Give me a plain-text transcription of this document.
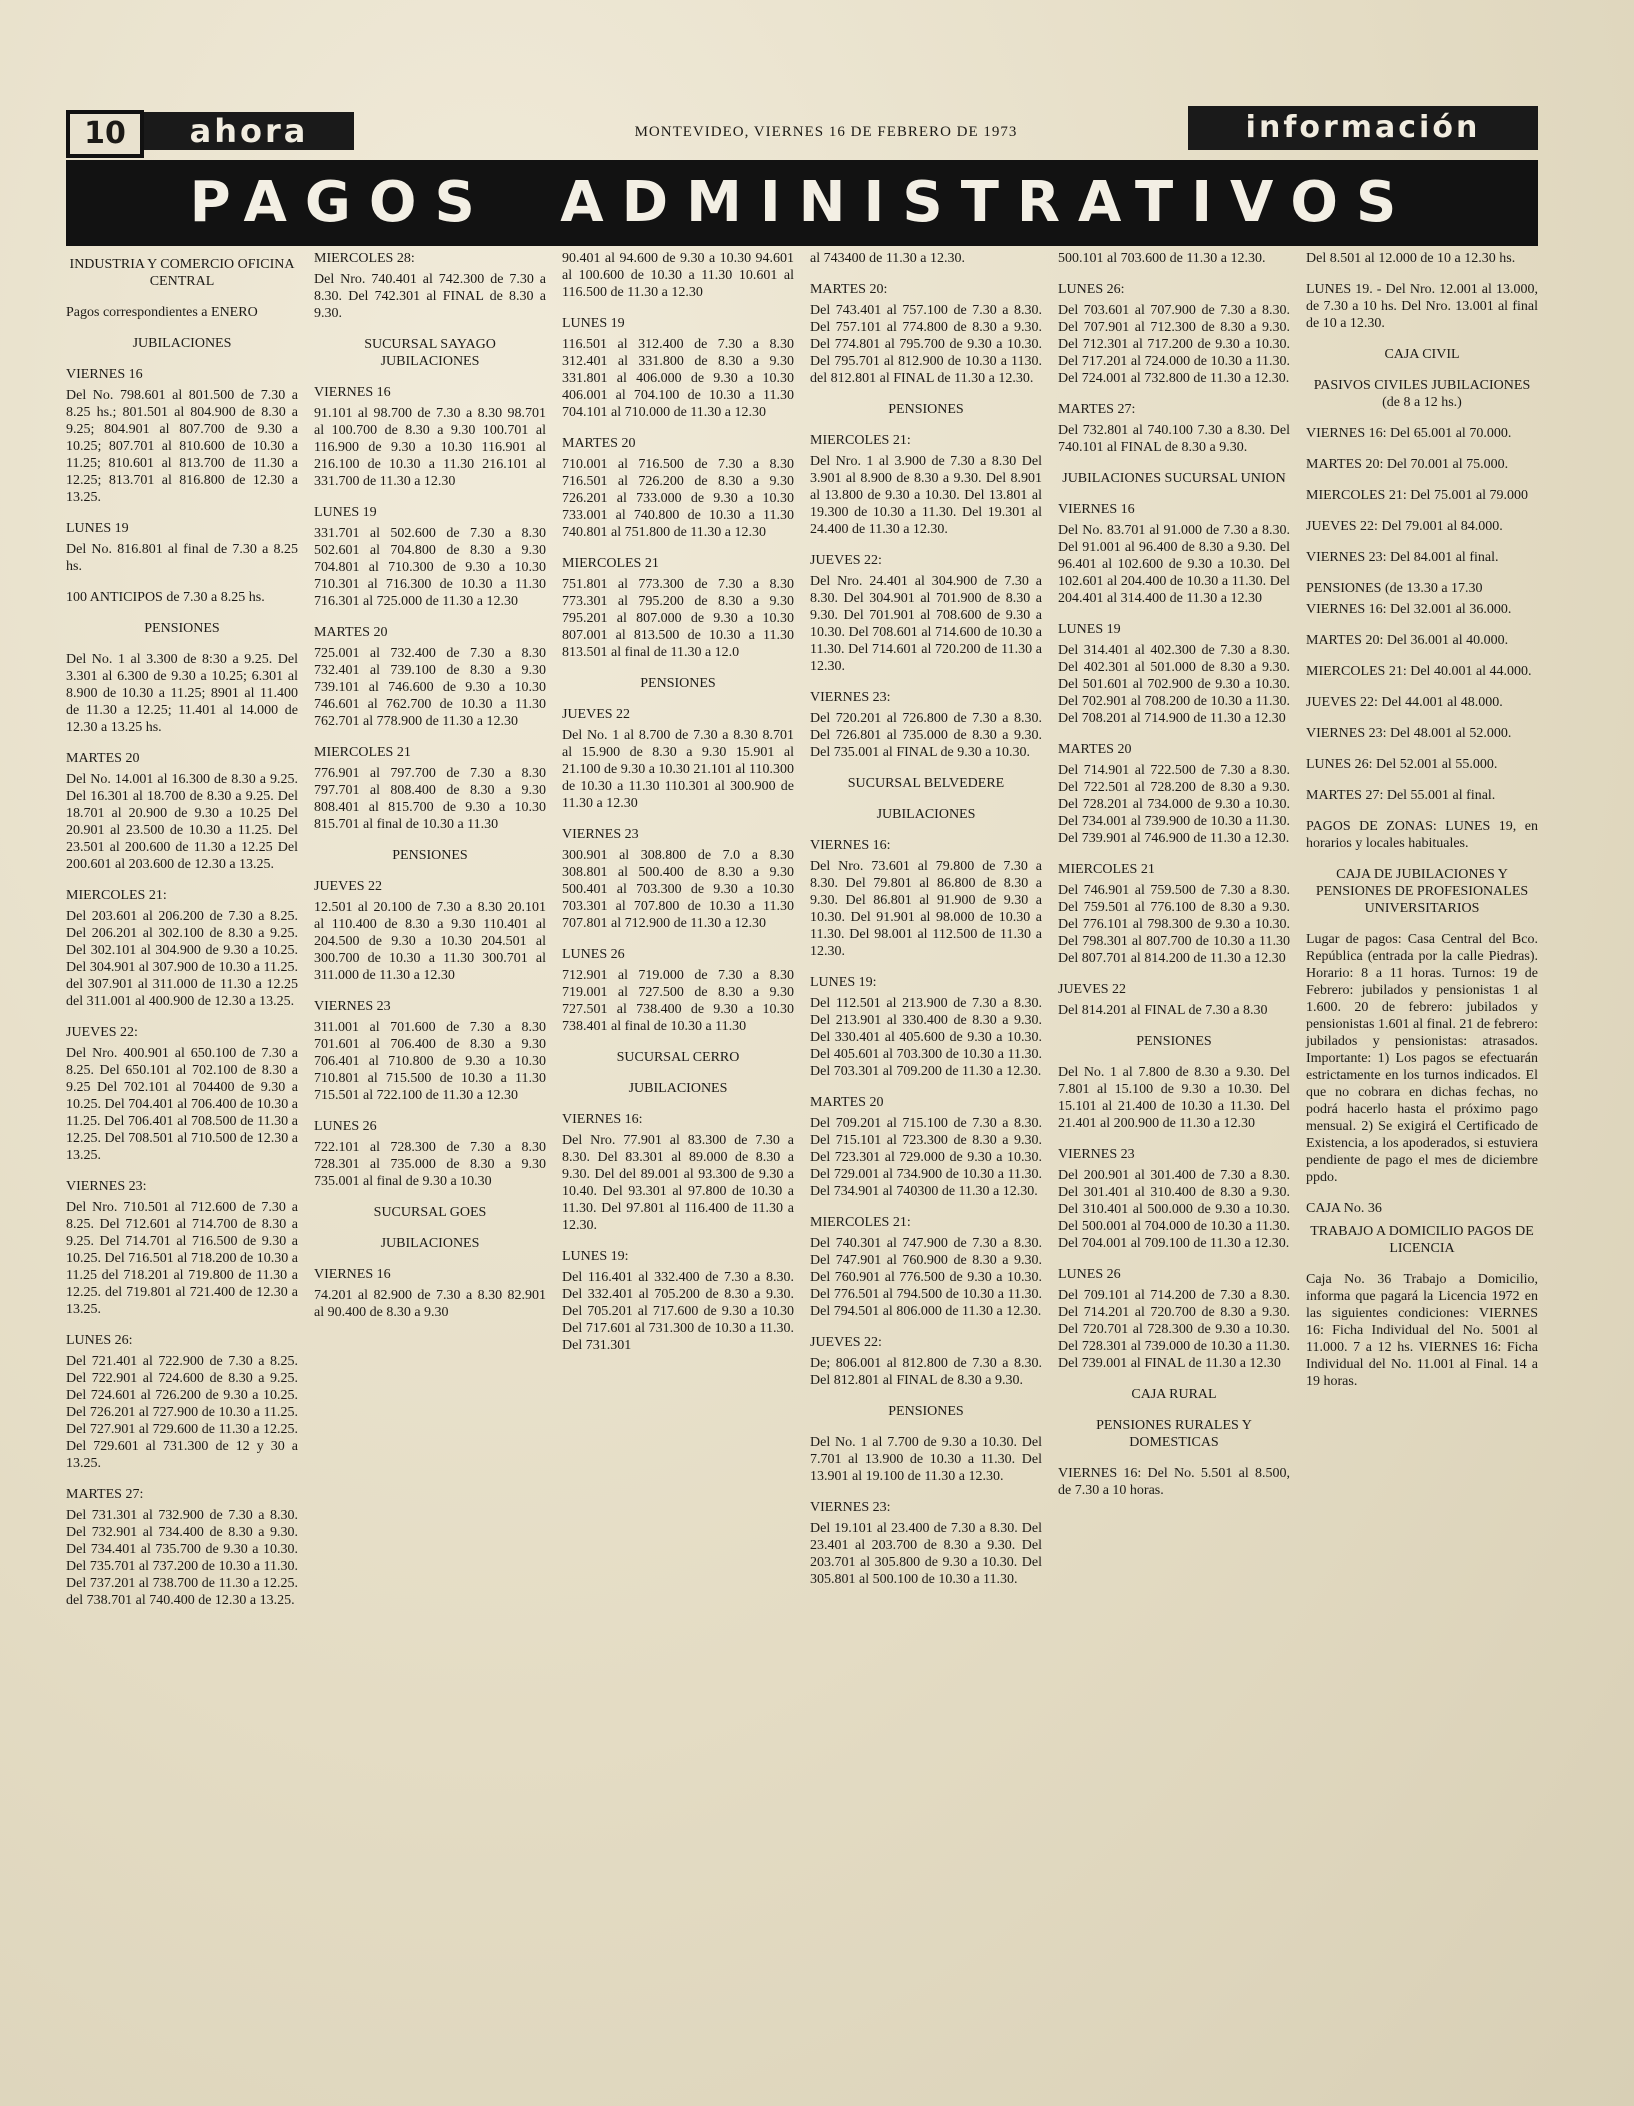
10	ahora	MONTEVIDEO, VIERNES 16 DE FEBRERO DE 1973	información
PAGOS ADMINISTRATIVOS
INDUSTRIA Y COMERCIO OFICINA CENTRAL
Pagos correspondientes a ENERO
JUBILACIONES
VIERNES 16
Del No. 798.601 al 801.500 de 7.30 a 8.25 hs.; 801.501 al 804.900 de 8.30 a 9.25; 804.901 al 807.700 de 9.30 a 10.25; 807.701 al 810.600 de 10.30 a 11.25; 810.601 al 813.700 de 11.30 a 12.25; 813.701 al 816.800 de 12.30 a 13.25.
LUNES 19
Del No. 816.801 al final de 7.30 a 8.25 hs.
100 ANTICIPOS de 7.30 a 8.25 hs.
PENSIONES
Del No. 1 al 3.300 de 8:30 a 9.25. Del 3.301 al 6.300 de 9.30 a 10.25; 6.301 al 8.900 de 10.30 a 11.25; 8901 al 11.400 de 11.30 a 12.25; 11.401 al 14.000 de 12.30 a 13.25 hs.
MARTES 20
Del No. 14.001 al 16.300 de 8.30 a 9.25. Del 16.301 al 18.700 de 8.30 a 9.25. Del 18.701 al 20.900 de 9.30 a 10.25 Del 20.901 al 23.500 de 10.30 a 11.25. Del 23.501 al 200.600 de 11.30 a 12.25 Del 200.601 al 203.600 de 12.30 a 13.25.
MIERCOLES 21:
Del 203.601 al 206.200 de 7.30 a 8.25. Del 206.201 al 302.100 de 8.30 a 9.25. Del 302.101 al 304.900 de 9.30 a 10.25. Del 304.901 al 307.900 de 10.30 a 11.25. del 307.901 al 311.000 de 11.30 a 12.25 del 311.001 al 400.900 de 12.30 a 13.25.
JUEVES 22:
Del Nro. 400.901 al 650.100 de 7.30 a 8.25. Del 650.101 al 702.100 de 8.30 a 9.25 Del 702.101 al 704400 de 9.30 a 10.25. Del 704.401 al 706.400 de 10.30 a 11.25. Del 706.401 al 708.500 de 11.30 a 12.25. Del 708.501 al 710.500 de 12.30 a 13.25.
VIERNES 23:
Del Nro. 710.501 al 712.600 de 7.30 a 8.25. Del 712.601 al 714.700 de 8.30 a 9.25. Del 714.701 al 716.500 de 9.30 a 10.25. Del 716.501 al 718.200 de 10.30 a 11.25 del 718.201 al 719.800 de 11.30 a 12.25. del 719.801 al 721.400 de 12.30 a 13.25.
LUNES 26:
Del 721.401 al 722.900 de 7.30 a 8.25. Del 722.901 al 724.600 de 8.30 a 9.25. Del 724.601 al 726.200 de 9.30 a 10.25. Del 726.201 al 727.900 de 10.30 a 11.25. Del 727.901 al 729.600 de 11.30 a 12.25. Del 729.601 al 731.300 de 12 y 30 a 13.25.
MARTES 27:
Del 731.301 al 732.900 de 7.30 a 8.30. Del 732.901 al 734.400 de 8.30 a 9.30. Del 734.401 al 735.700 de 9.30 a 10.30. Del 735.701 al 737.200 de 10.30 a 11.30. Del 737.201 al 738.700 de 11.30 a 12.25. del 738.701 al 740.400 de 12.30 a 13.25.
MIERCOLES 28:
Del Nro. 740.401 al 742.300 de 7.30 a 8.30. Del 742.301 al FINAL de 8.30 a 9.30.
SUCURSAL SAYAGO JUBILACIONES
VIERNES 16
91.101 al 98.700 de 7.30 a 8.30 98.701 al 100.700 de 8.30 a 9.30 100.701 al 116.900 de 9.30 a 10.30 116.901 al 216.100 de 10.30 a 11.30 216.101 al 331.700 de 11.30 a 12.30
LUNES 19
331.701 al 502.600 de 7.30 a 8.30 502.601 al 704.800 de 8.30 a 9.30 704.801 al 710.300 de 9.30 a 10.30 710.301 al 716.300 de 10.30 a 11.30 716.301 al 725.000 de 11.30 a 12.30
MARTES 20
725.001 al 732.400 de 7.30 a 8.30 732.401 al 739.100 de 8.30 a 9.30 739.101 al 746.600 de 9.30 a 10.30 746.601 al 762.700 de 10.30 a 11.30 762.701 al 778.900 de 11.30 a 12.30
MIERCOLES 21
776.901 al 797.700 de 7.30 a 8.30 797.701 al 808.400 de 8.30 a 9.30 808.401 al 815.700 de 9.30 a 10.30 815.701 al final de 10.30 a 11.30
PENSIONES
JUEVES 22
12.501 al 20.100 de 7.30 a 8.30 20.101 al 110.400 de 8.30 a 9.30 110.401 al 204.500 de 9.30 a 10.30 204.501 al 300.700 de 10.30 a 11.30 300.701 al 311.000 de 11.30 a 12.30
VIERNES 23
311.001 al 701.600 de 7.30 a 8.30 701.601 al 706.400 de 8.30 a 9.30 706.401 al 710.800 de 9.30 a 10.30 710.801 al 715.500 de 10.30 a 11.30 715.501 al 722.100 de 11.30 a 12.30
LUNES 26
722.101 al 728.300 de 7.30 a 8.30 728.301 al 735.000 de 8.30 a 9.30 735.001 al final de 9.30 a 10.30
SUCURSAL GOES
JUBILACIONES
VIERNES 16
74.201 al 82.900 de 7.30 a 8.30 82.901 al 90.400 de 8.30 a 9.30
90.401 al 94.600 de 9.30 a 10.30 94.601 al 100.600 de 10.30 a 11.30 10.601 al 116.500 de 11.30 a 12.30
LUNES 19
116.501 al 312.400 de 7.30 a 8.30 312.401 al 331.800 de 8.30 a 9.30 331.801 al 406.000 de 9.30 a 10.30 406.001 al 704.100 de 10.30 a 11.30 704.101 al 710.000 de 11.30 a 12.30
MARTES 20
710.001 al 716.500 de 7.30 a 8.30 716.501 al 726.200 de 8.30 a 9.30 726.201 al 733.000 de 9.30 a 10.30 733.001 al 740.800 de 10.30 a 11.30 740.801 al 751.800 de 11.30 a 12.30
MIERCOLES 21
751.801 al 773.300 de 7.30 a 8.30 773.301 al 795.200 de 8.30 a 9.30 795.201 al 807.000 de 9.30 a 10.30 807.001 al 813.500 de 10.30 a 11.30 813.501 al final de 11.30 a 12.0
PENSIONES
JUEVES 22
Del No. 1 al 8.700 de 7.30 a 8.30 8.701 al 15.900 de 8.30 a 9.30 15.901 al 21.100 de 9.30 a 10.30 21.101 al 110.300 de 10.30 a 11.30 110.301 al 300.900 de 11.30 a 12.30
VIERNES 23
300.901 al 308.800 de 7.0 a 8.30 308.801 al 500.400 de 8.30 a 9.30 500.401 al 703.300 de 9.30 a 10.30 703.301 al 707.800 de 10.30 a 11.30 707.801 al 712.900 de 11.30 a 12.30
LUNES 26
712.901 al 719.000 de 7.30 a 8.30 719.001 al 727.500 de 8.30 a 9.30 727.501 al 738.400 de 9.30 a 10.30 738.401 al final de 10.30 a 11.30
SUCURSAL CERRO
JUBILACIONES
VIERNES 16:
Del Nro. 77.901 al 83.300 de 7.30 a 8.30. Del 83.301 al 89.000 de 8.30 a 9.30. Del del 89.001 al 93.300 de 9.30 a 10.40. Del 93.301 al 97.800 de 10.30 a 11.30. Del 97.801 al 116.400 de 11.30 a 12.30.
LUNES 19:
Del 116.401 al 332.400 de 7.30 a 8.30. Del 332.401 al 705.200 de 8.30 a 9.30. Del 705.201 al 717.600 de 9.30 a 10.30 Del 717.601 al 731.300 de 10.30 a 11.30. Del 731.301
al 743400 de 11.30 a 12.30.
MARTES 20:
Del 743.401 al 757.100 de 7.30 a 8.30. Del 757.101 al 774.800 de 8.30 a 9.30. Del 774.801 al 795.700 de 9.30 a 10.30. Del 795.701 al 812.900 de 10.30 a 1130. del 812.801 al FINAL de 11.30 a 12.30.
PENSIONES
MIERCOLES 21:
Del Nro. 1 al 3.900 de 7.30 a 8.30 Del 3.901 al 8.900 de 8.30 a 9.30. Del 8.901 al 13.800 de 9.30 a 10.30. Del 13.801 al 19.300 de 10.30 a 11.30. Del 19.301 al 24.400 de 11.30 a 12.30.
JUEVES 22:
Del Nro. 24.401 al 304.900 de 7.30 a 8.30. Del 304.901 al 701.900 de 8.30 a 9.30. Del 701.901 al 708.600 de 9.30 a 10.30. Del 708.601 al 714.600 de 10.30 a 11.30. Del 714.601 al 720.200 de 11.30 a 12.30.
VIERNES 23:
Del 720.201 al 726.800 de 7.30 a 8.30. Del 726.801 al 735.000 de 8.30 a 9.30. Del 735.001 al FINAL de 9.30 a 10.30.
SUCURSAL BELVEDERE
JUBILACIONES
VIERNES 16:
Del Nro. 73.601 al 79.800 de 7.30 a 8.30. Del 79.801 al 86.800 de 8.30 a 9.30. Del 86.801 al 91.900 de 9.30 a 10.30. Del 91.901 al 98.000 de 10.30 a 11.30. Del 98.001 al 112.500 de 11.30 a 12.30.
LUNES 19:
Del 112.501 al 213.900 de 7.30 a 8.30. Del 213.901 al 330.400 de 8.30 a 9.30. Del 330.401 al 405.600 de 9.30 a 10.30. Del 405.601 al 703.300 de 10.30 a 11.30. Del 703.301 al 709.200 de 11.30 a 12.30.
MARTES 20
Del 709.201 al 715.100 de 7.30 a 8.30. Del 715.101 al 723.300 de 8.30 a 9.30. Del 723.301 al 729.000 de 9.30 a 10.30. Del 729.001 al 734.900 de 10.30 a 11.30. Del 734.901 al 740300 de 11.30 a 12.30.
MIERCOLES 21:
Del 740.301 al 747.900 de 7.30 a 8.30. Del 747.901 al 760.900 de 8.30 a 9.30. Del 760.901 al 776.500 de 9.30 a 10.30. Del 776.501 al 794.500 de 10.30 a 11.30. Del 794.501 al 806.000 de 11.30 a 12.30.
JUEVES 22:
De; 806.001 al 812.800 de 7.30 a 8.30. Del 812.801 al FINAL de 8.30 a 9.30.
PENSIONES
Del No. 1 al 7.700 de 9.30 a 10.30. Del 7.701 al 13.900 de 10.30 a 11.30. Del 13.901 al 19.100 de 11.30 a 12.30.
VIERNES 23:
Del 19.101 al 23.400 de 7.30 a 8.30. Del 23.401 al 203.700 de 8.30 a 9.30. Del 203.701 al 305.800 de 9.30 a 10.30. Del 305.801 al 500.100 de 10.30 a 11.30.
500.101 al 703.600 de 11.30 a 12.30.
LUNES 26:
Del 703.601 al 707.900 de 7.30 a 8.30. Del 707.901 al 712.300 de 8.30 a 9.30. Del 712.301 al 717.200 de 9.30 a 10.30. Del 717.201 al 724.000 de 10.30 a 11.30. Del 724.001 al 732.800 de 11.30 a 12.30.
MARTES 27:
Del 732.801 al 740.100 7.30 a 8.30. Del 740.101 al FINAL de 8.30 a 9.30.
JUBILACIONES SUCURSAL UNION
VIERNES 16
Del No. 83.701 al 91.000 de 7.30 a 8.30. Del 91.001 al 96.400 de 8.30 a 9.30. Del 96.401 al 102.600 de 9.30 a 10.30. Del 102.601 al 204.400 de 10.30 a 11.30. Del 204.401 al 314.400 de 11.30 a 12.30
LUNES 19
Del 314.401 al 402.300 de 7.30 a 8.30. Del 402.301 al 501.000 de 8.30 a 9.30. Del 501.601 al 702.900 de 9.30 a 10.30. Del 702.901 al 708.200 de 10.30 a 11.30. Del 708.201 al 714.900 de 11.30 a 12.30
MARTES 20
Del 714.901 al 722.500 de 7.30 a 8.30. Del 722.501 al 728.200 de 8.30 a 9.30. Del 728.201 al 734.000 de 9.30 a 10.30. Del 734.001 al 739.900 de 10.30 a 11.30. Del 739.901 al 746.900 de 11.30 a 12.30.
MIERCOLES 21
Del 746.901 al 759.500 de 7.30 a 8.30. Del 759.501 al 776.100 de 8.30 a 9.30. Del 776.101 al 798.300 de 9.30 a 10.30. Del 798.301 al 807.700 de 10.30 a 11.30 Del 807.701 al 814.200 de 11.30 a 12.30
JUEVES 22
Del 814.201 al FINAL de 7.30 a 8.30
PENSIONES
Del No. 1 al 7.800 de 8.30 a 9.30. Del 7.801 al 15.100 de 9.30 a 10.30. Del 15.101 al 21.400 de 10.30 a 11.30. Del 21.401 al 200.900 de 11.30 a 12.30
VIERNES 23
Del 200.901 al 301.400 de 7.30 a 8.30. Del 301.401 al 310.400 de 8.30 a 9.30. Del 310.401 al 500.000 de 9.30 a 10.30. Del 500.001 al 704.000 de 10.30 a 11.30. Del 704.001 al 709.100 de 11.30 a 12.30.
LUNES 26
Del 709.101 al 714.200 de 7.30 a 8.30. Del 714.201 al 720.700 de 8.30 a 9.30. Del 720.701 al 728.300 de 9.30 a 10.30. Del 728.301 al 739.000 de 10.30 a 11.30. Del 739.001 al FINAL de 11.30 a 12.30
CAJA RURAL
PENSIONES RURALES Y DOMESTICAS
VIERNES 16: Del No. 5.501 al 8.500, de 7.30 a 10 horas.
Del 8.501 al 12.000 de 10 a 12.30 hs.
LUNES 19. - Del Nro. 12.001 al 13.000, de 7.30 a 10 hs. Del Nro. 13.001 al final de 10 a 12.30.
CAJA CIVIL
PASIVOS CIVILES JUBILACIONES (de 8 a 12 hs.)
VIERNES 16: Del 65.001 al 70.000.
MARTES 20: Del 70.001 al 75.000.
MIERCOLES 21: Del 75.001 al 79.000
JUEVES 22: Del 79.001 al 84.000.
VIERNES 23: Del 84.001 al final.
PENSIONES (de 13.30 a 17.30
VIERNES 16: Del 32.001 al 36.000.
MARTES 20: Del 36.001 al 40.000.
MIERCOLES 21: Del 40.001 al 44.000.
JUEVES 22: Del 44.001 al 48.000.
VIERNES 23: Del 48.001 al 52.000.
LUNES 26: Del 52.001 al 55.000.
MARTES 27: Del 55.001 al final.
PAGOS DE ZONAS: LUNES 19, en horarios y locales habituales.
CAJA DE JUBILACIONES Y PENSIONES DE PROFESIONALES UNIVERSITARIOS
Lugar de pagos: Casa Central del Bco. República (entrada por la calle Piedras). Horario: 8 a 11 horas. Turnos: 19 de Febrero: jubilados y pensionistas 1 al 1.600. 20 de febrero: jubilados y pensionistas 1.601 al final. 21 de febrero: jubilados y pensionistas: atrasados. Importante: 1) Los pagos se efectuarán estrictamente en los turnos indicados. El que no cobrara en dichas fechas, no podrá hacerlo hasta el próximo pago mensual. 2) Se exigirá el Certificado de Existencia, a los apoderados, si estuviera pendiente de pago el mes de diciembre ppdo.
CAJA No. 36
TRABAJO A DOMICILIO PAGOS DE LICENCIA
Caja No. 36 Trabajo a Domicilio, informa que pagará la Licencia 1972 en las siguientes condiciones: VIERNES 16: Ficha Individual del No. 5001 al 11.000. 7 a 12 hs. VIERNES 16: Ficha Individual del No. 11.001 al Final. 14 a 19 horas.
